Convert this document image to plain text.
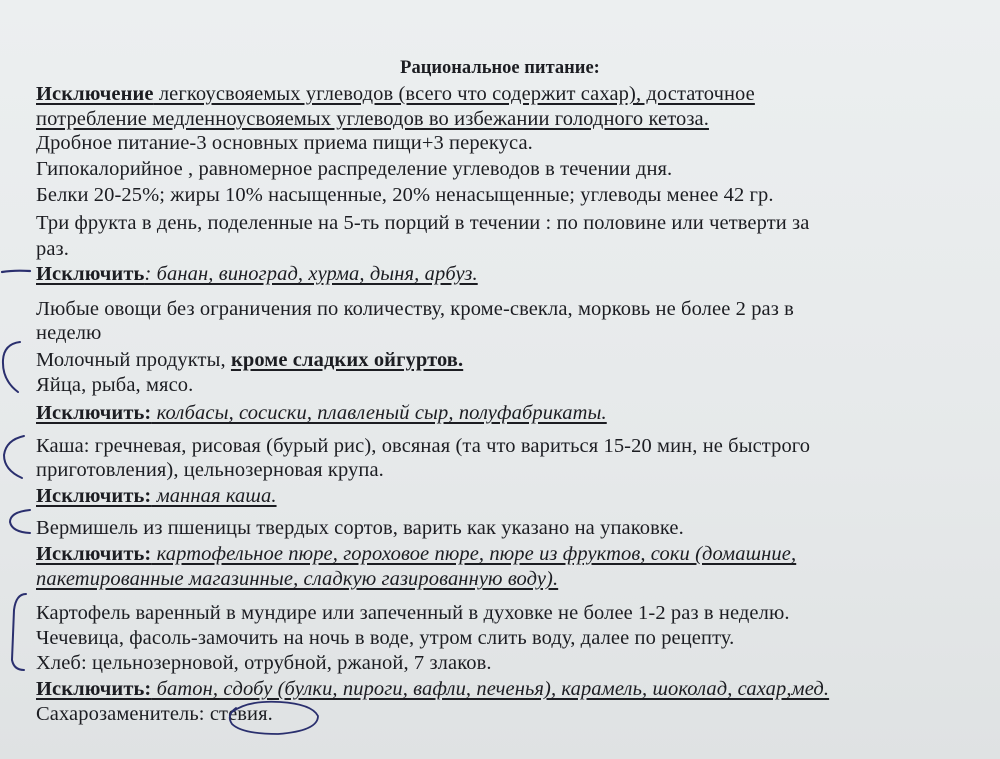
Рациональное питание:
Исключение легкоусвояемых углеводов (всего что содержит сахар), достаточное
потребление медленноусвояемых углеводов во избежании голодного кетоза.
Дробное питание-3 основных приема пищи+3 перекуса.
Гипокалорийное , равномерное распределение углеводов в течении дня.
Белки 20-25%; жиры 10% насыщенные, 20% ненасыщенные; углеводы менее 42 гр.
Три фрукта в день, поделенные на 5-ть порций в течении : по половине или четверти за
раз.
Исключить: банан, виноград, хурма, дыня, арбуз.
Любые овощи без ограничения по количеству, кроме-свекла, морковь не более 2 раз в
неделю
Молочный продукты, кроме сладких ойгуртов.
Яйца, рыба, мясо.
Исключить: колбасы, сосиски, плавленый сыр, полуфабрикаты.
Каша: гречневая, рисовая (бурый рис), овсяная (та что вариться 15-20 мин, не быстрого
приготовления), цельнозерновая крупа.
Исключить: манная каша.
Вермишель из пшеницы твердых сортов, варить как указано на упаковке.
Исключить: картофельное пюре, гороховое пюре, пюре из фруктов, соки (домашние,
пакетированные магазинные, сладкую газированную воду).
Картофель варенный в мундире или запеченный в духовке не более 1-2 раз в неделю.
Чечевица, фасоль-замочить на ночь в воде, утром слить воду, далее по рецепту.
Хлеб: цельнозерновой, отрубной, ржаной, 7 злаков.
Исключить: батон, сдобу (булки, пироги, вафли, печенья), карамель, шоколад, сахар,мед.
Сахарозаменитель: стевия.
